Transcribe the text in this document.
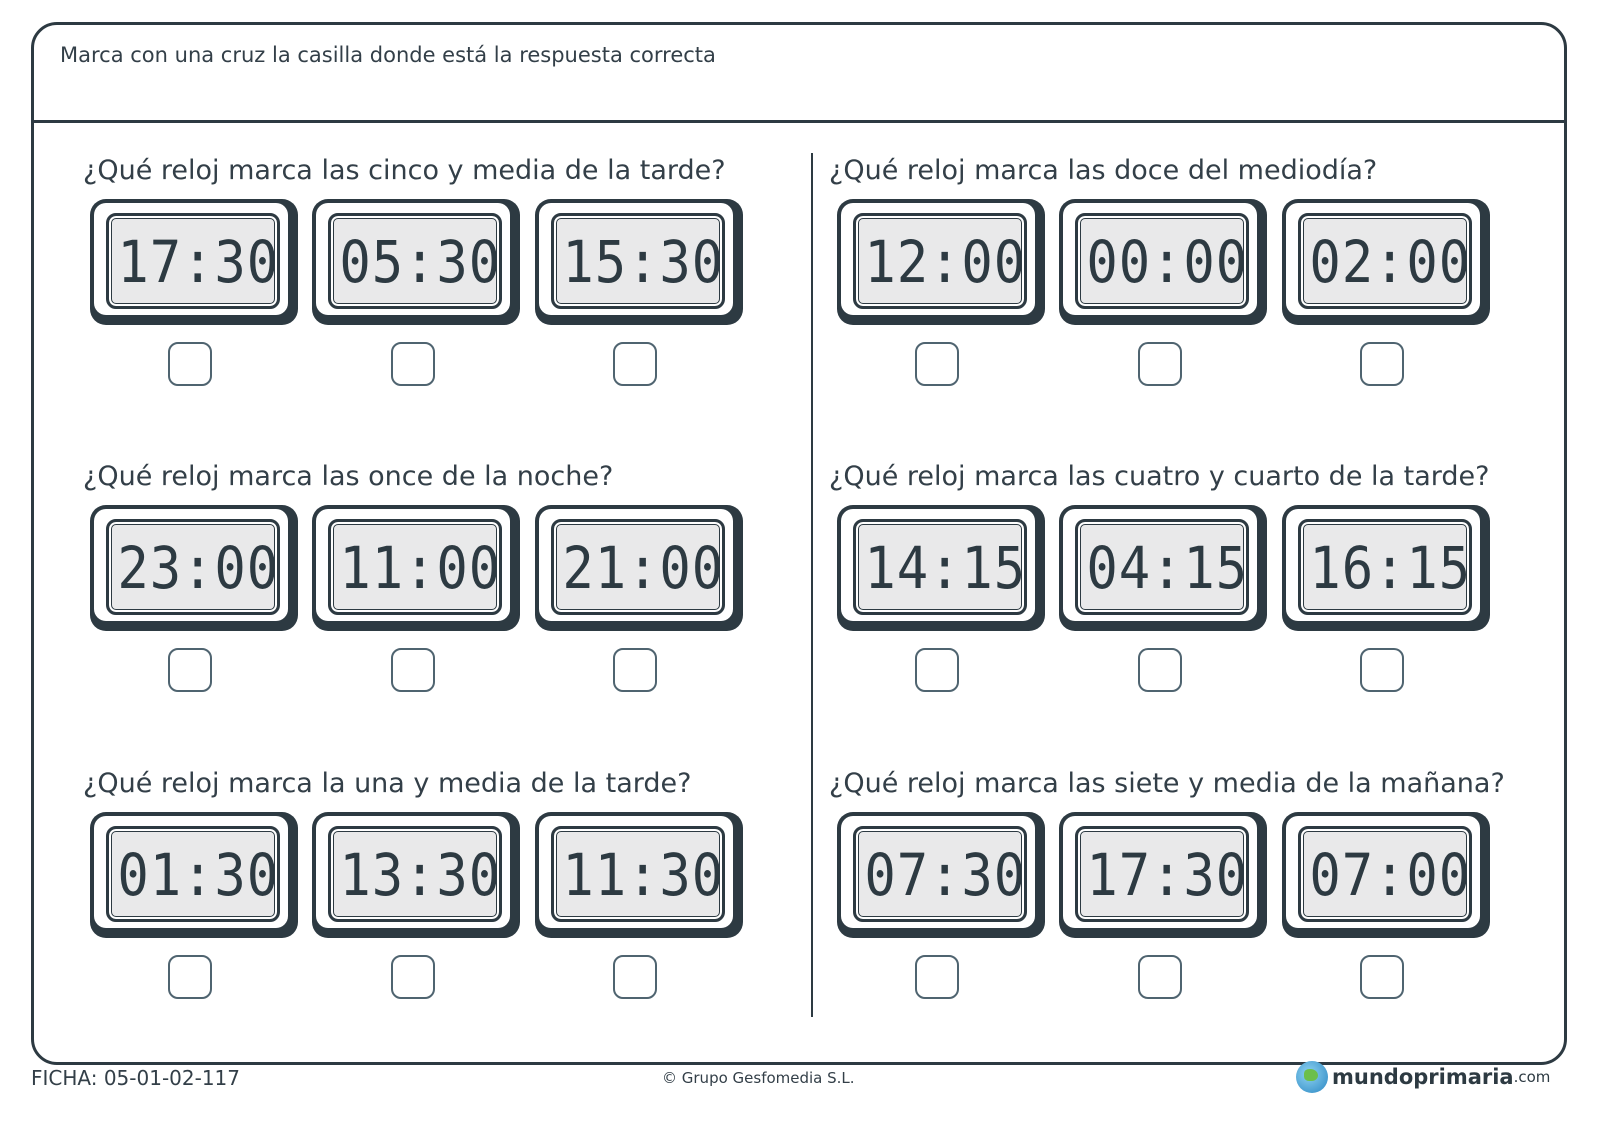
Marca con una cruz la casilla donde está la respuesta correcta
¿Qué reloj marca las cinco y media de la tarde?
17:30 05:30 15:30
¿Qué reloj marca las doce del mediodía?
12:00 00:00 02:00
¿Qué reloj marca las once de la noche?
23:00 11:00 21:00
¿Qué reloj marca las cuatro y cuarto de la tarde?
14:15 04:15 16:15
¿Qué reloj marca la una y media de la tarde?
01:30 13:30 11:30
¿Qué reloj marca las siete y media de la mañana?
07:30 17:30 07:00
FICHA: 05-01-02-117	© Grupo Gesfomedia S.L.	mundoprimaria .com
